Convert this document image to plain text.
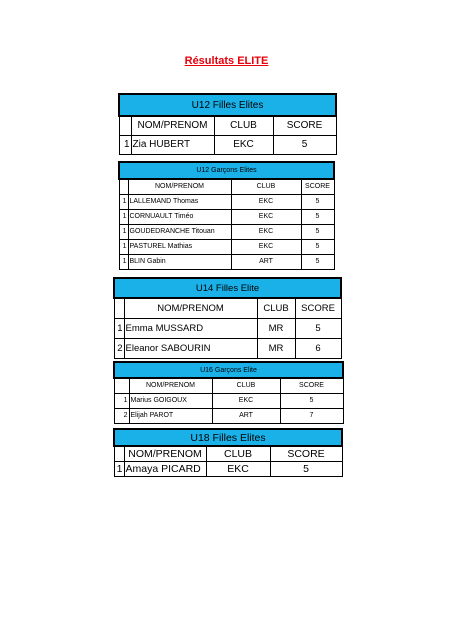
Résultats ELITE
U12 Filles Elites			
	NOM/PRENOM	CLUB	SCORE
1	Zia HUBERT	EKC	5
U12 Garçons Elites			
	NOM/PRENOM	CLUB	SCORE
1	LALLEMAND Thomas	EKC	5
1	CORNUAULT Timéo	EKC	5
1	GOUDEDRANCHE Titouan	EKC	5
1	PASTUREL Mathias	EKC	5
1	BLIN Gabin	ART	5
U14 Filles Elite			
	NOM/PRENOM	CLUB	SCORE
1	Emma MUSSARD	MR	5
2	Eleanor SABOURIN	MR	6
U16 Garçons Elite			
	NOM/PRENOM	CLUB	SCORE
1	Marius GOIGOUX	EKC	5
2	Elijah PAROT	ART	7
U18 Filles Elites			
	NOM/PRENOM	CLUB	SCORE
1	Amaya PICARD	EKC	5
